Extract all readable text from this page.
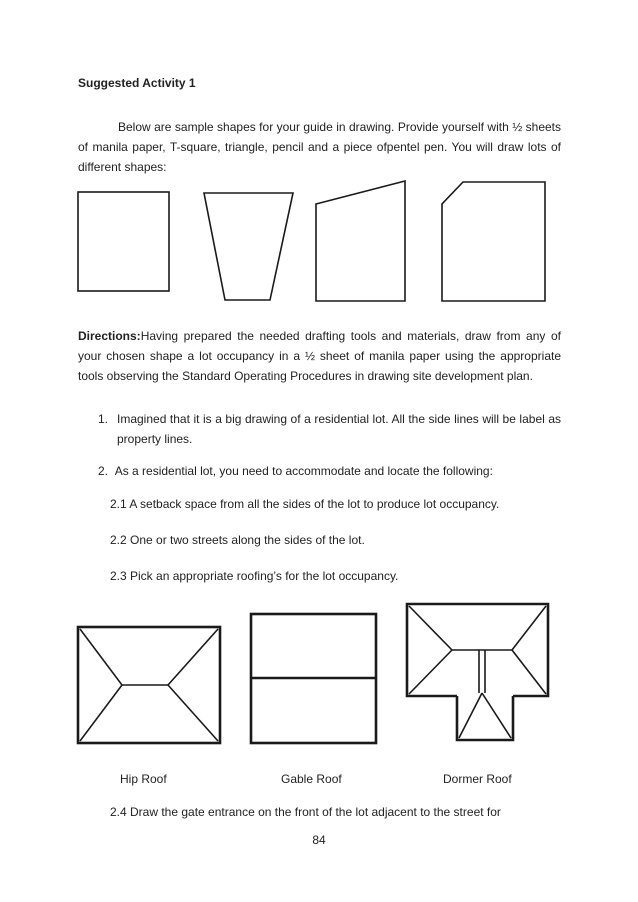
Suggested Activity 1

Below are sample shapes for your guide in drawing. Provide yourself with ½ sheets of manila paper, T-square, triangle, pencil and a piece ofpentel pen. You will draw lots of different shapes:

Directions:Having prepared the needed drafting tools and materials, draw from any of your chosen shape a lot occupancy in a ½ sheet of manila paper using the appropriate tools observing the Standard Operating Procedures in drawing site development plan.

1. Imagined that it is a big drawing of a residential lot. All the side lines will be label as property lines.

2. As a residential lot, you need to accommodate and locate the following:

2.1 A setback space from all the sides of the lot to produce lot occupancy.

2.2 One or two streets along the sides of the lot.

2.3 Pick an appropriate roofing’s for the lot occupancy.

Hip Roof	Gable Roof	Dormer Roof

2.4 Draw the gate entrance on the front of the lot adjacent to the street for

84
